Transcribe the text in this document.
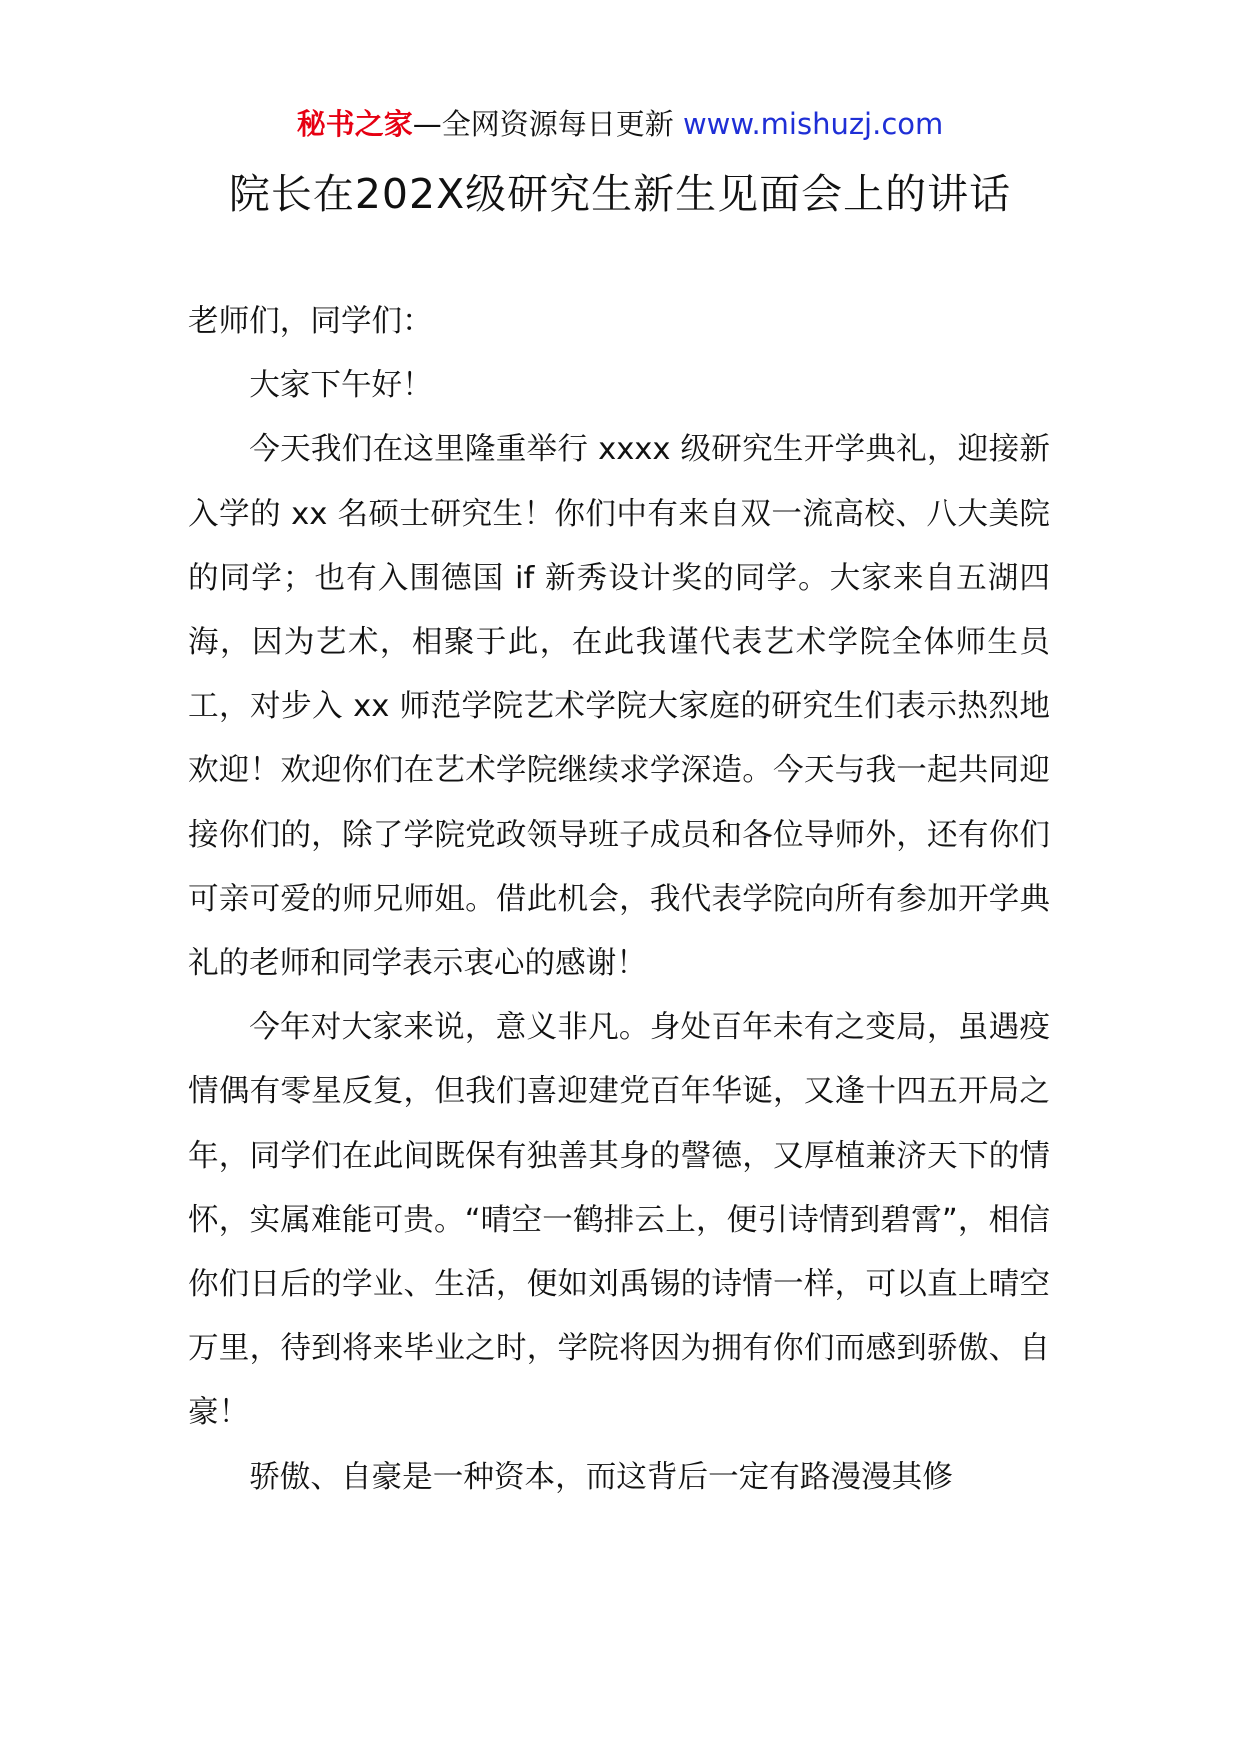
秘书之家—全网资源每日更新 www.mishuzj.com
院长在202X级研究生新生见面会上的讲话

老师们，同学们：

大家下午好！

今天我们在这里隆重举行 xxxx 级研究生开学典礼，迎接新入学的 xx 名硕士研究生！你们中有来自双一流高校、八大美院的同学；也有入围德国 if 新秀设计奖的同学。大家来自五湖四海，因为艺术，相聚于此，在此我谨代表艺术学院全体师生员工，对步入 xx 师范学院艺术学院大家庭的研究生们表示热烈地欢迎！欢迎你们在艺术学院继续求学深造。今天与我一起共同迎接你们的，除了学院党政领导班子成员和各位导师外，还有你们可亲可爱的师兄师姐。借此机会，我代表学院向所有参加开学典礼的老师和同学表示衷心的感谢！

今年对大家来说，意义非凡。身处百年未有之变局，虽遇疫情偶有零星反复，但我们喜迎建党百年华诞，又逢十四五开局之年，同学们在此间既保有独善其身的謦德，又厚植兼济天下的情怀，实属难能可贵。“晴空一鹤排云上，便引诗情到碧霄”，相信你们日后的学业、生活，便如刘禹锡的诗情一样，可以直上晴空万里，待到将来毕业之时，学院将因为拥有你们而感到骄傲、自豪！

骄傲、自豪是一种资本，而这背后一定有路漫漫其修
